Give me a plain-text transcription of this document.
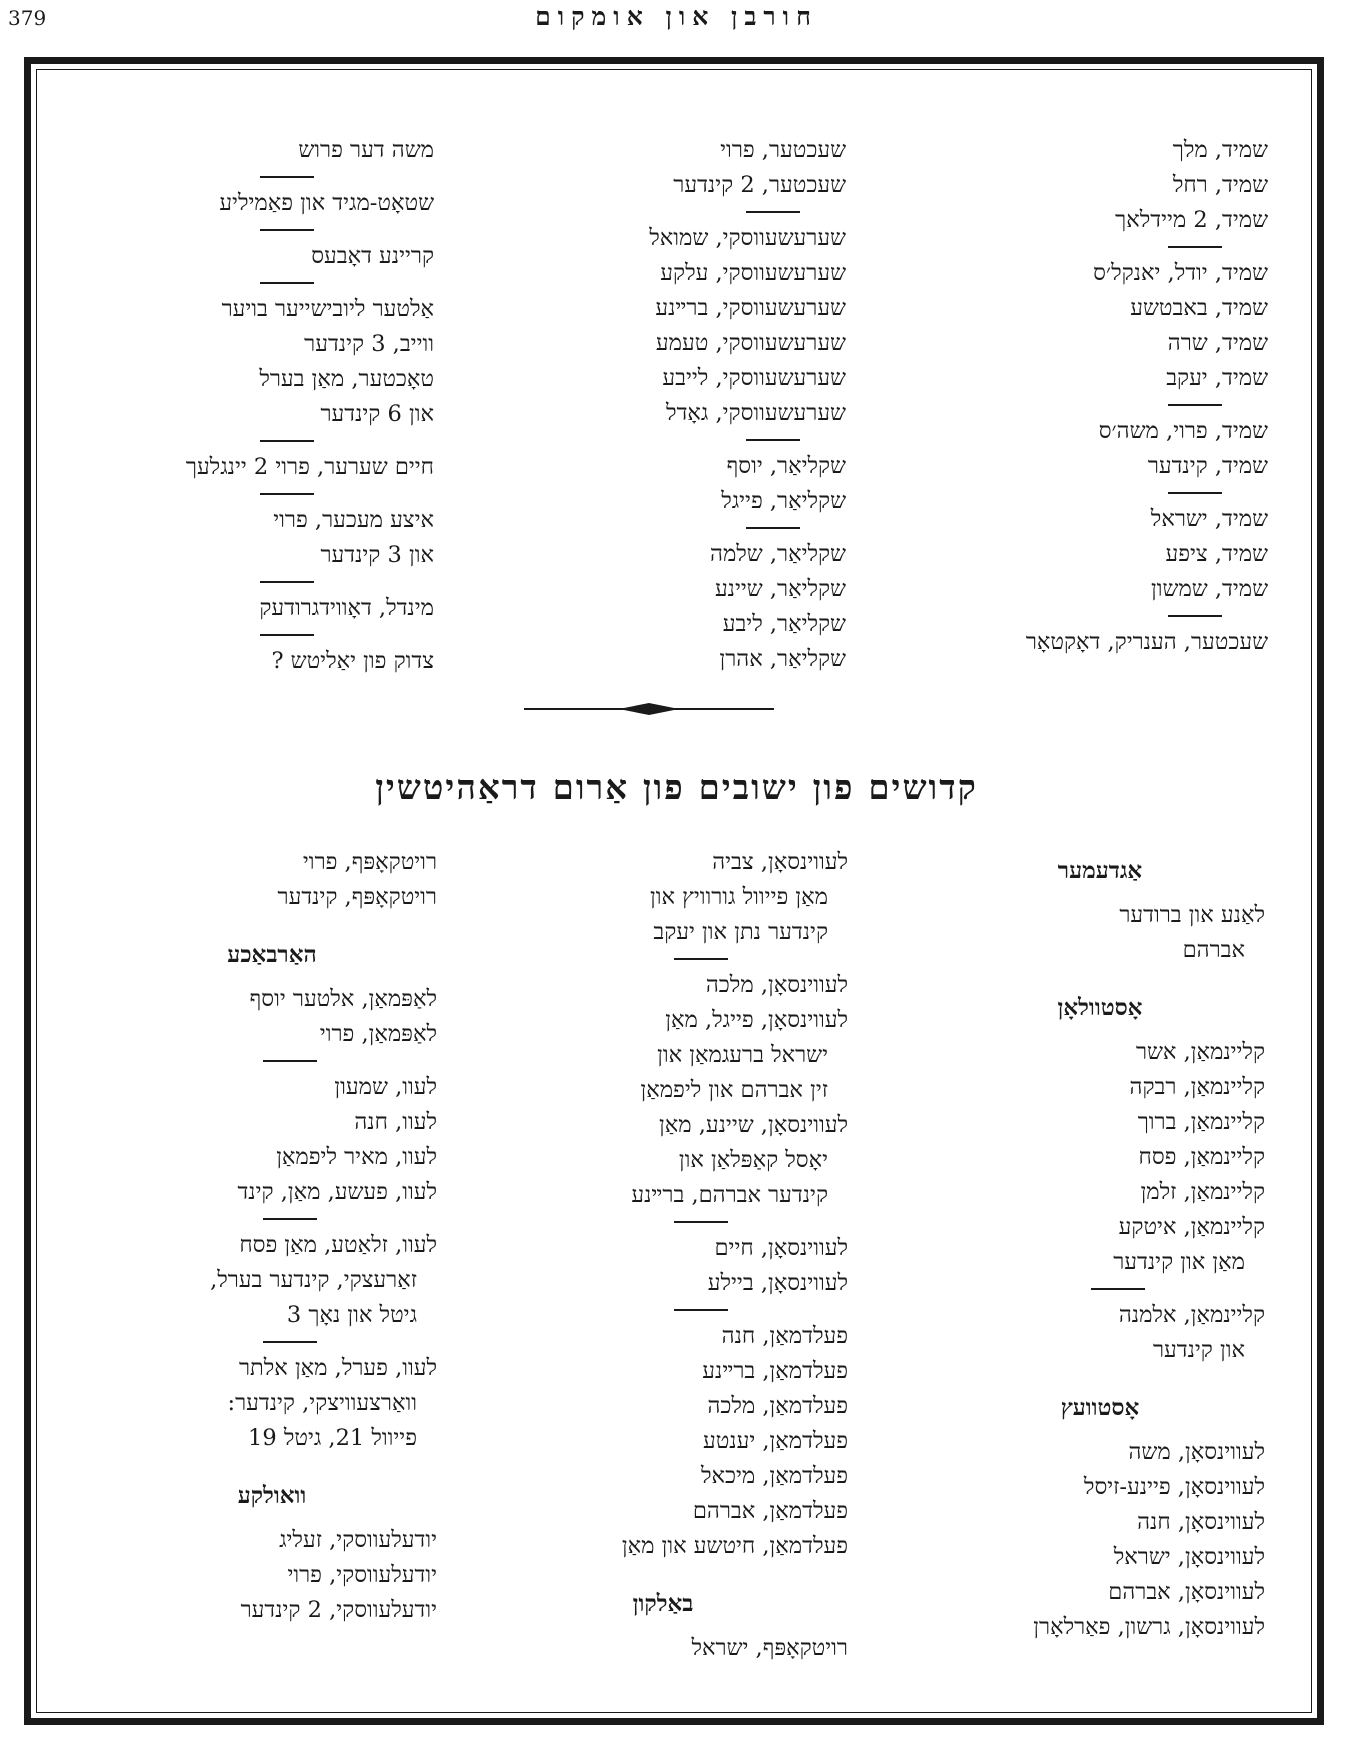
379	חורבן און אומקום
שמיד, מלך
שמיד, רחל
שמיד, 2 מיידלאך
שמיד, יודל, יאנקל׳ס
שמיד, באבטשע
שמיד, שרה
שמיד, יעקב
שמיד, פרוי, משה׳ס
שמיד, קינדער
שמיד, ישראל
שמיד, ציפע
שמיד, שמשון
שעכטער, הענריק, דאָקטאָר
שעכטער, פרוי
שעכטער, 2 קינדער
שערעשעווסקי, שמואל
שערעשעווסקי, עלקע
שערעשעווסקי, ברײנע
שערעשעווסקי, טעמע
שערעשעווסקי, לייבע
שערעשעווסקי, גאָדל
שקליאַר, יוסף
שקליאַר, פייגל
שקליאַר, שלמה
שקליאַר, שיינע
שקליאַר, ליבע
שקליאַר, אהרן
משה דער פרוש
שטאָט-מגיד און פאַמיליע
קריינע דאָבעס
אַלטער ליובישייער בויער
ווייב, 3 קינדער
טאָכטער, מאַן בערל
און 6 קינדער
חיים שערער, פרוי 2 יינגלעך
איצע מעכער, פרוי
און 3 קינדער
מינדל, דאָווידגרודעק
צדוק פון יאַליטש ?
קדושים פון ישובים פון אַרום דראַהיטשין
אַגדעמער
לאַנע און ברודער
אברהם
אָסטוולאָן
קליינמאַן, אשר
קליינמאַן, רבקה
קליינמאַן, ברוך
קליינמאַן, פסח
קליינמאַן, זלמן
קליינמאַן, איטקע
מאַן און קינדער
קליינמאַן, אלמנה
און קינדער
אָסטוועץ
לעווינסאָן, משה
לעווינסאָן, פיינע-זיסל
לעווינסאָן, חנה
לעווינסאָן, ישראל
לעווינסאָן, אברהם
לעווינסאָן, גרשון, פאַרלאָרן
לעווינסאָן, צביה
מאַן פייוול גורוויץ און
קינדער נתן און יעקב
לעווינסאָן, מלכה
לעווינסאָן, פייגל, מאַן
ישראל ברעגמאַן און
זין אברהם און ליפמאַן
לעווינסאָן, שיינע, מאַן
יאָסל קאַפּלאַן און
קינדער אברהם, ברײנע
לעווינסאָן, חיים
לעווינסאָן, ביילע
פעלדמאַן, חנה
פעלדמאַן, ברײנע
פעלדמאַן, מלכה
פעלדמאַן, יענטע
פעלדמאַן, מיכאל
פעלדמאַן, אברהם
פעלדמאַן, חיטשע און מאַן
באַלקון
רויטקאָפּף, ישראל
רויטקאָפּף, פרוי
רויטקאָפּף, קינדער
האַרבאַכע
לאַפּמאַן, אלטער יוסף
לאַפּמאַן, פרוי
לעוו, שמעון
לעוו, חנה
לעוו, מאיר ליפמאַן
לעוו, פעשע, מאַן, קינד
לעוו, זלאַטע, מאַן פסח
זאַרעצקי, קינדער בערל,
גיטל און נאָך 3
לעוו, פערל, מאַן אלתר
וואַרצעוויצקי, קינדער:
פייוול 21, גיטל 19
וואולקע
יודעלעווסקי, זעליג
יודעלעווסקי, פרוי
יודעלעווסקי, 2 קינדער
